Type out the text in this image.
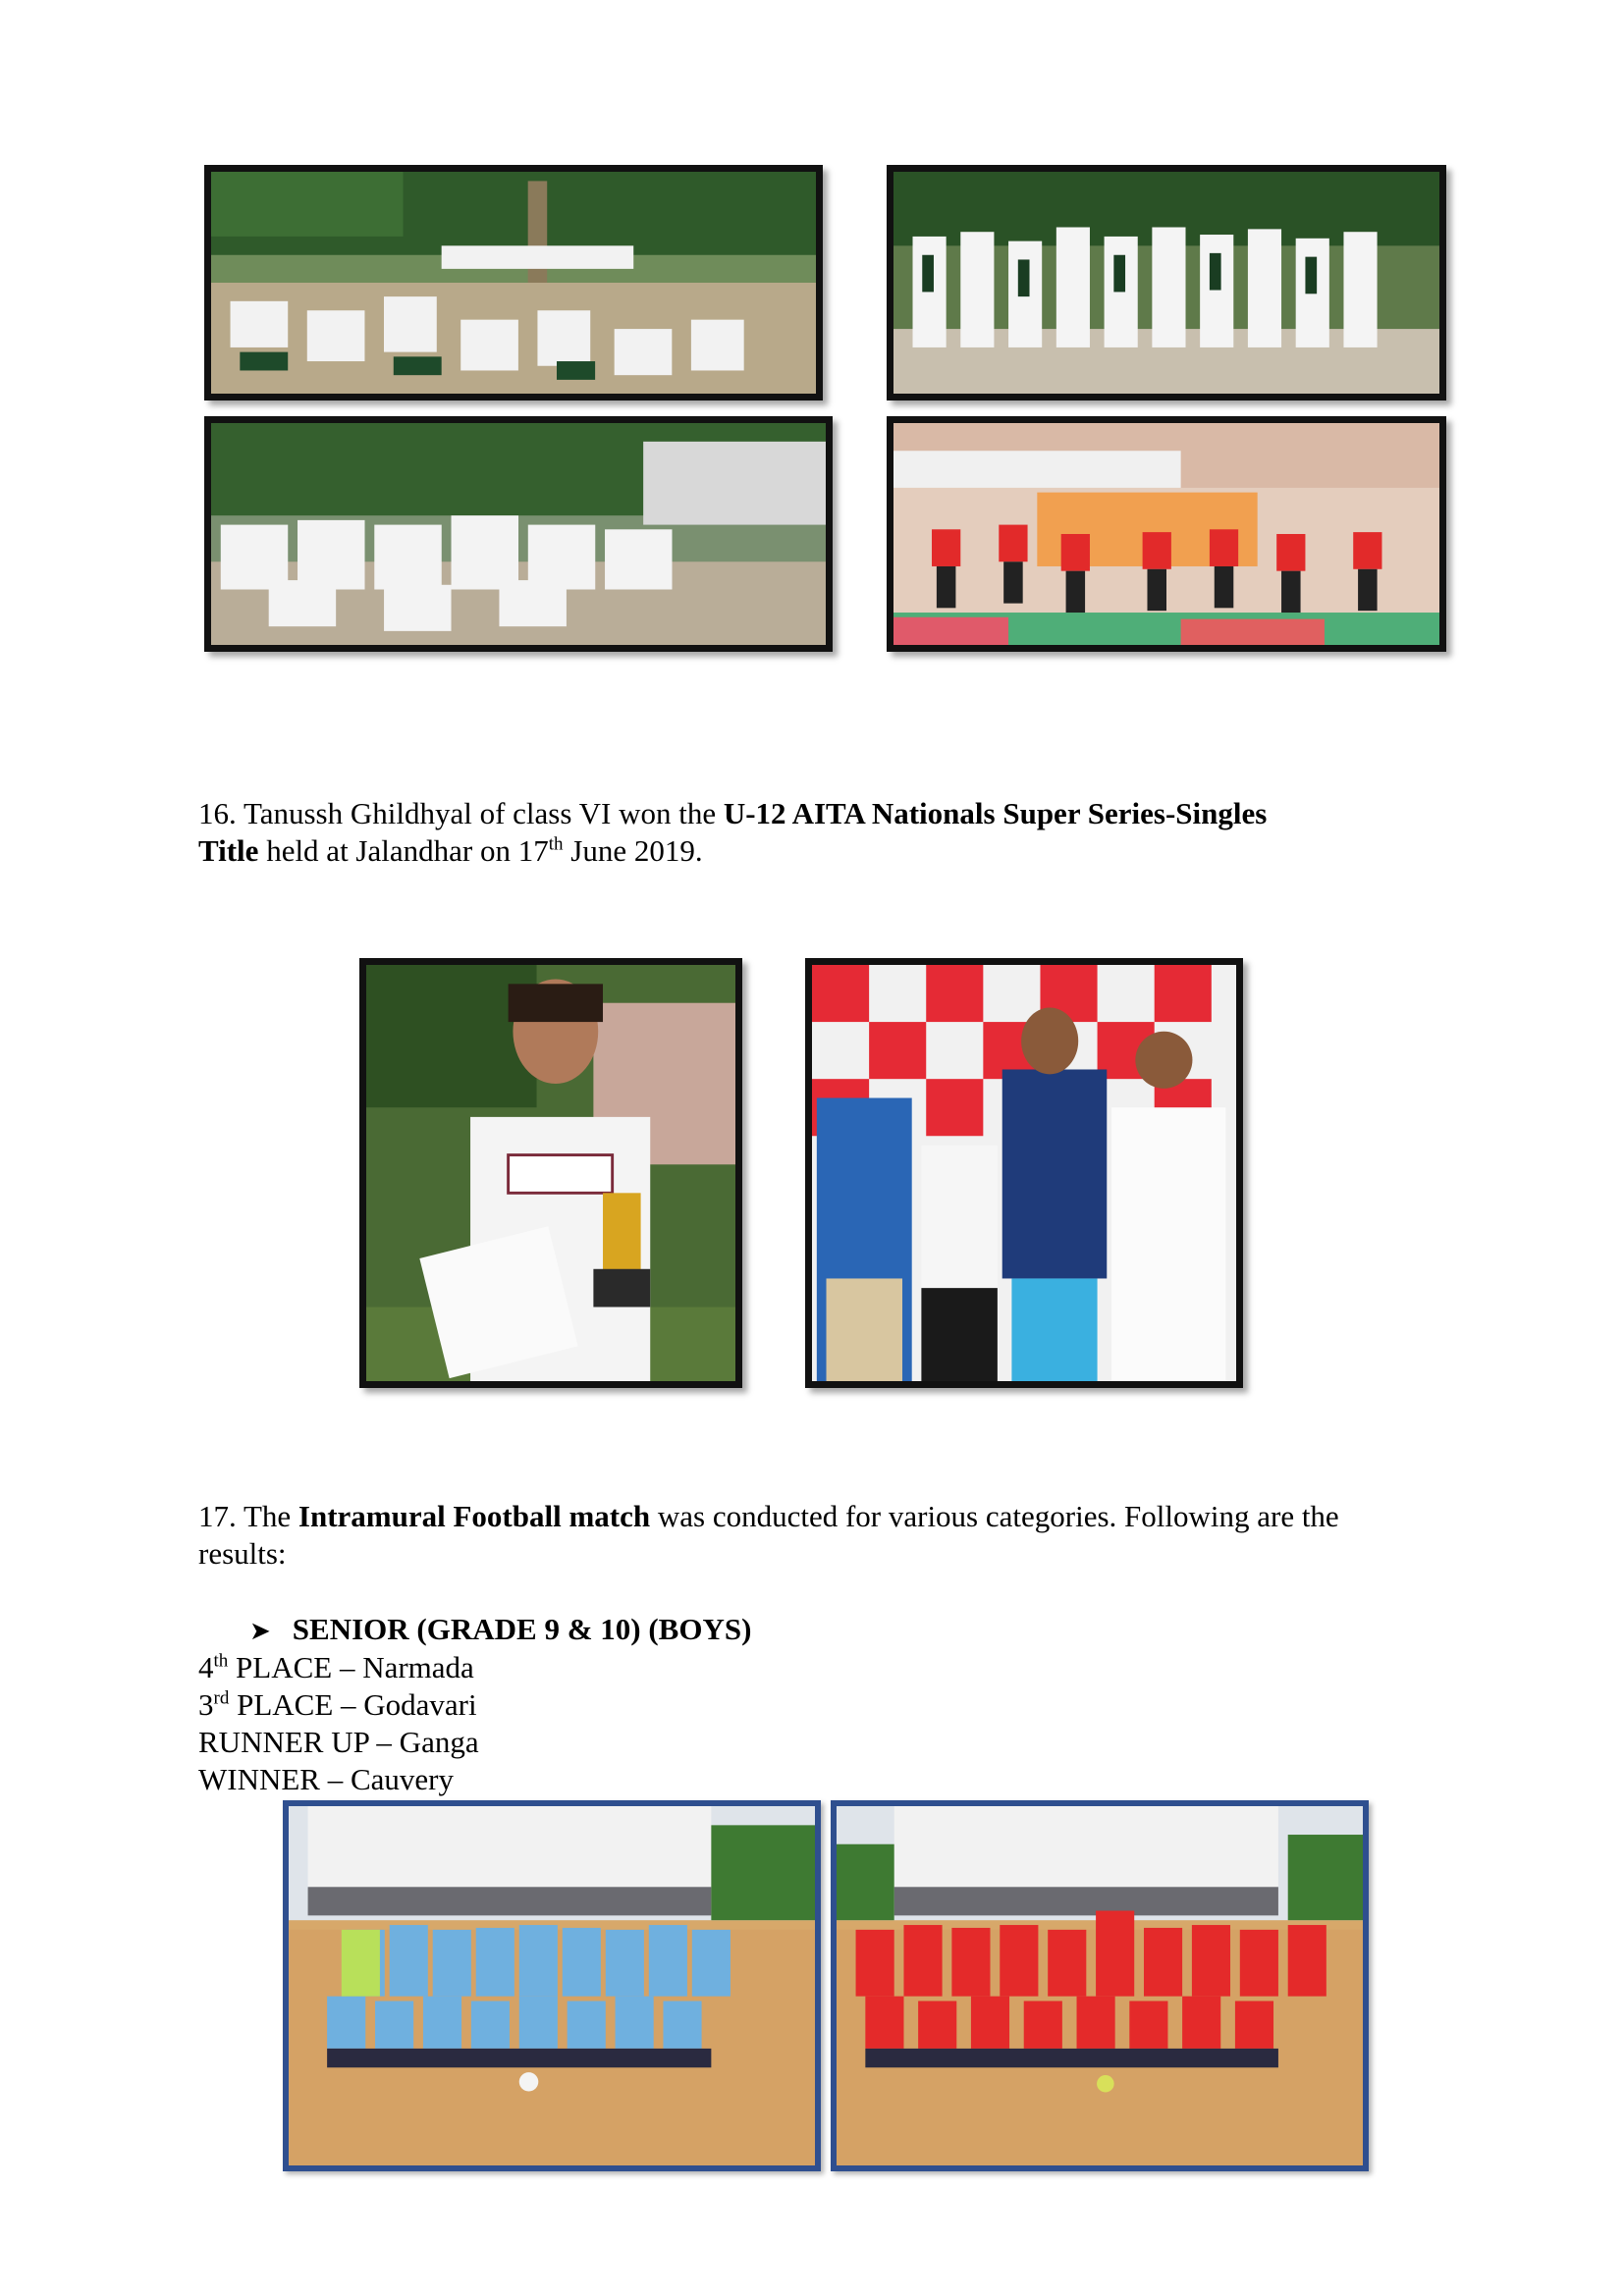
16. Tanussh Ghildhyal of class VI won the U-12 AITA Nationals Super Series-Singles
Title held at Jalandhar on 17th June 2019.

17. The Intramural Football match was conducted for various categories. Following are the
results:

➤ SENIOR (GRADE 9 & 10) (BOYS)
4th PLACE – Narmada
3rd PLACE – Godavari
RUNNER UP – Ganga
WINNER – Cauvery
